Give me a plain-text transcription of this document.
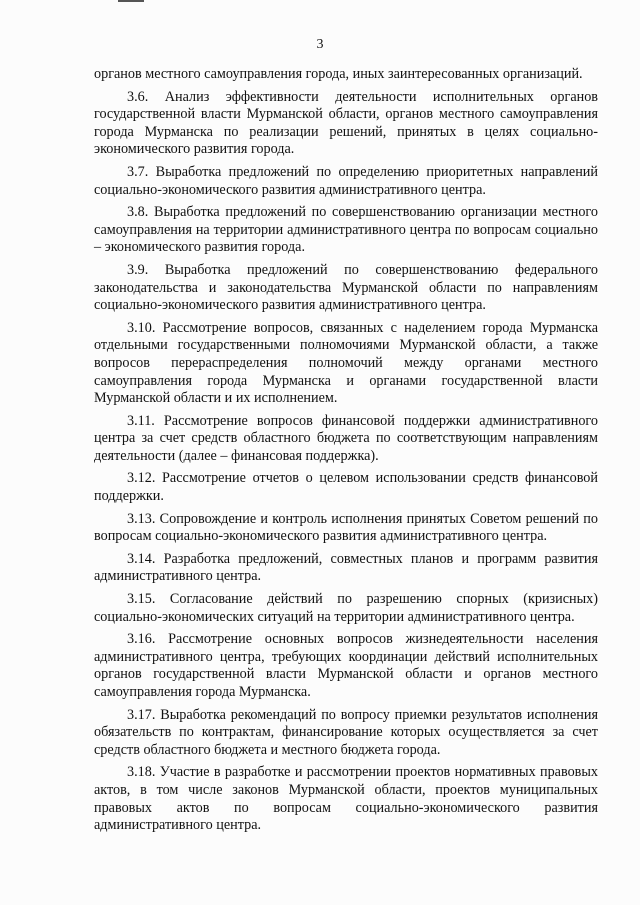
3

органов местного самоуправления города, иных заинтересованных организаций.

3.6. Анализ эффективности деятельности исполнительных органов государственной власти Мурманской области, органов местного самоуправления города Мурманска по реализации решений, принятых в целях социально-экономического развития города.

3.7. Выработка предложений по определению приоритетных направлений социально-экономического развития административного центра.

3.8. Выработка предложений по совершенствованию организации местного самоуправления на территории административного центра по вопросам социально – экономического развития города.

3.9. Выработка предложений по совершенствованию федерального законодательства и законодательства Мурманской области по направлениям социально-экономического развития административного центра.

3.10. Рассмотрение вопросов, связанных с наделением города Мурманска отдельными государственными полномочиями Мурманской области, а также вопросов перераспределения полномочий между органами местного самоуправления города Мурманска и органами государственной власти Мурманской области и их исполнением.

3.11. Рассмотрение вопросов финансовой поддержки административного центра за счет средств областного бюджета по соответствующим направлениям деятельности (далее – финансовая поддержка).

3.12. Рассмотрение отчетов о целевом использовании средств финансовой поддержки.

3.13. Сопровождение и контроль исполнения принятых Советом решений по вопросам социально-экономического развития административного центра.

3.14. Разработка предложений, совместных планов и программ развития административного центра.

3.15. Согласование действий по разрешению спорных (кризисных) социально-экономических ситуаций на территории административного центра.

3.16. Рассмотрение основных вопросов жизнедеятельности населения административного центра, требующих координации действий исполнительных органов государственной власти Мурманской области и органов местного самоуправления города Мурманска.

3.17. Выработка рекомендаций по вопросу приемки результатов исполнения обязательств по контрактам, финансирование которых осуществляется за счет средств областного бюджета и местного бюджета города.

3.18. Участие в разработке и рассмотрении проектов нормативных правовых актов, в том числе законов Мурманской области, проектов муниципальных правовых актов по вопросам социально-экономического развития административного центра.
